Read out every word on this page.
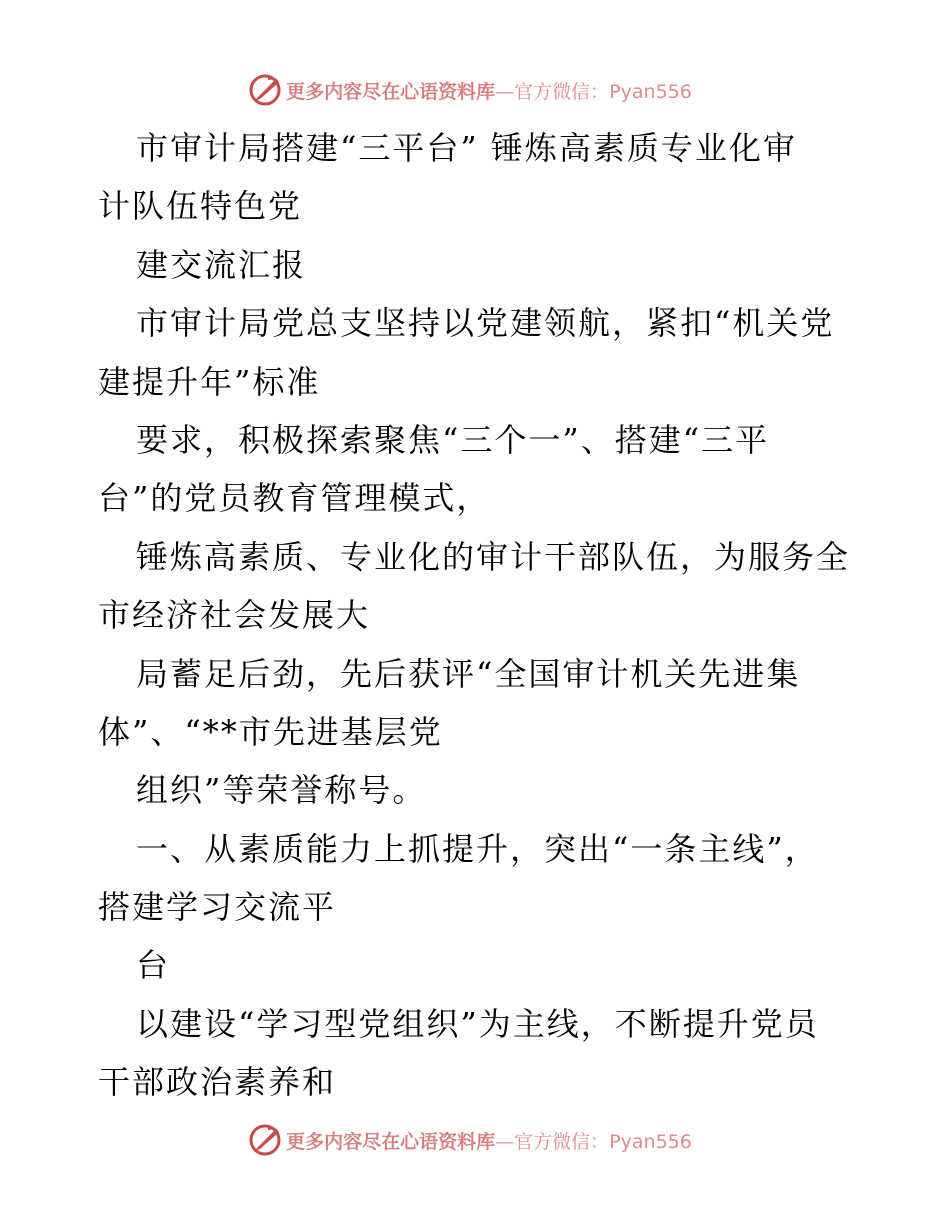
更多内容尽在心语资料库—官方微信：Pyan556
市审计局搭建“三平台” 锤炼高素质专业化审
计队伍特色党
建交流汇报
市审计局党总支坚持以党建领航，紧扣“机关党
建提升年”标准
要求，积极探索聚焦“三个一”、搭建“三平
台”的党员教育管理模式，
锤炼高素质、专业化的审计干部队伍，为服务全
市经济社会发展大
局蓄足后劲，先后获评“全国审计机关先进集
体”、“**市先进基层党
组织”等荣誉称号。
一、从素质能力上抓提升，突出“一条主线”，
搭建学习交流平
台
以建设“学习型党组织”为主线，不断提升党员
干部政治素养和
更多内容尽在心语资料库—官方微信：Pyan556
